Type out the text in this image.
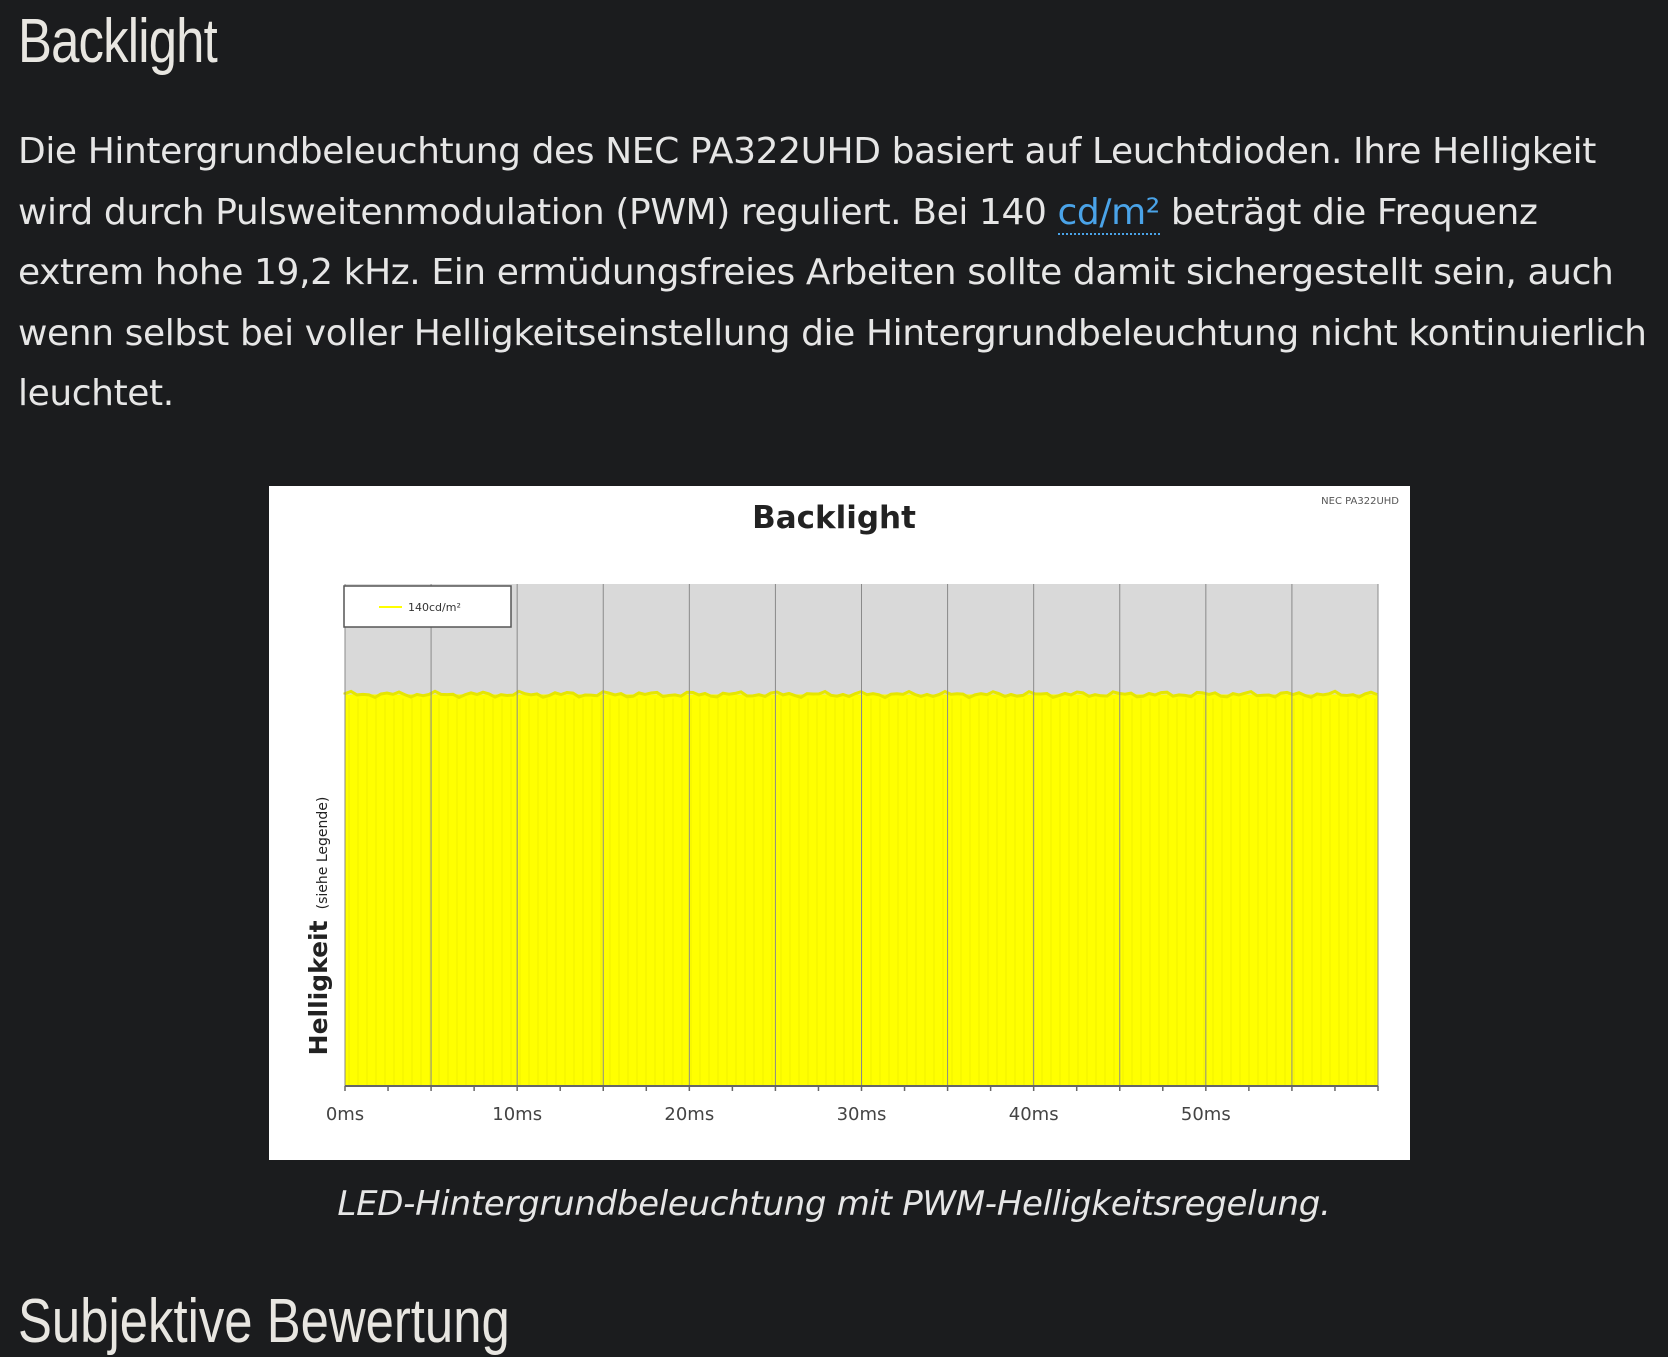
Backlight

Die Hintergrundbeleuchtung des NEC PA322UHD basiert auf Leuchtdioden. Ihre Helligkeit wird durch Pulsweitenmodulation (PWM) reguliert. Bei 140 cd/m² beträgt die Frequenz extrem hohe 19,2 kHz. Ein ermüdungsfreies Arbeiten sollte damit sichergestellt sein, auch wenn selbst bei voller Helligkeitseinstellung die Hintergrundbeleuchtung nicht kontinuierlich leuchtet.

Backlight	NEC PA322UHD
Helligkeit (siehe Legende)
0ms	10ms	20ms	30ms	40ms	50ms
140cd/m²
LED-Hintergrundbeleuchtung mit PWM-Helligkeitsregelung.
Subjektive Bewertung
